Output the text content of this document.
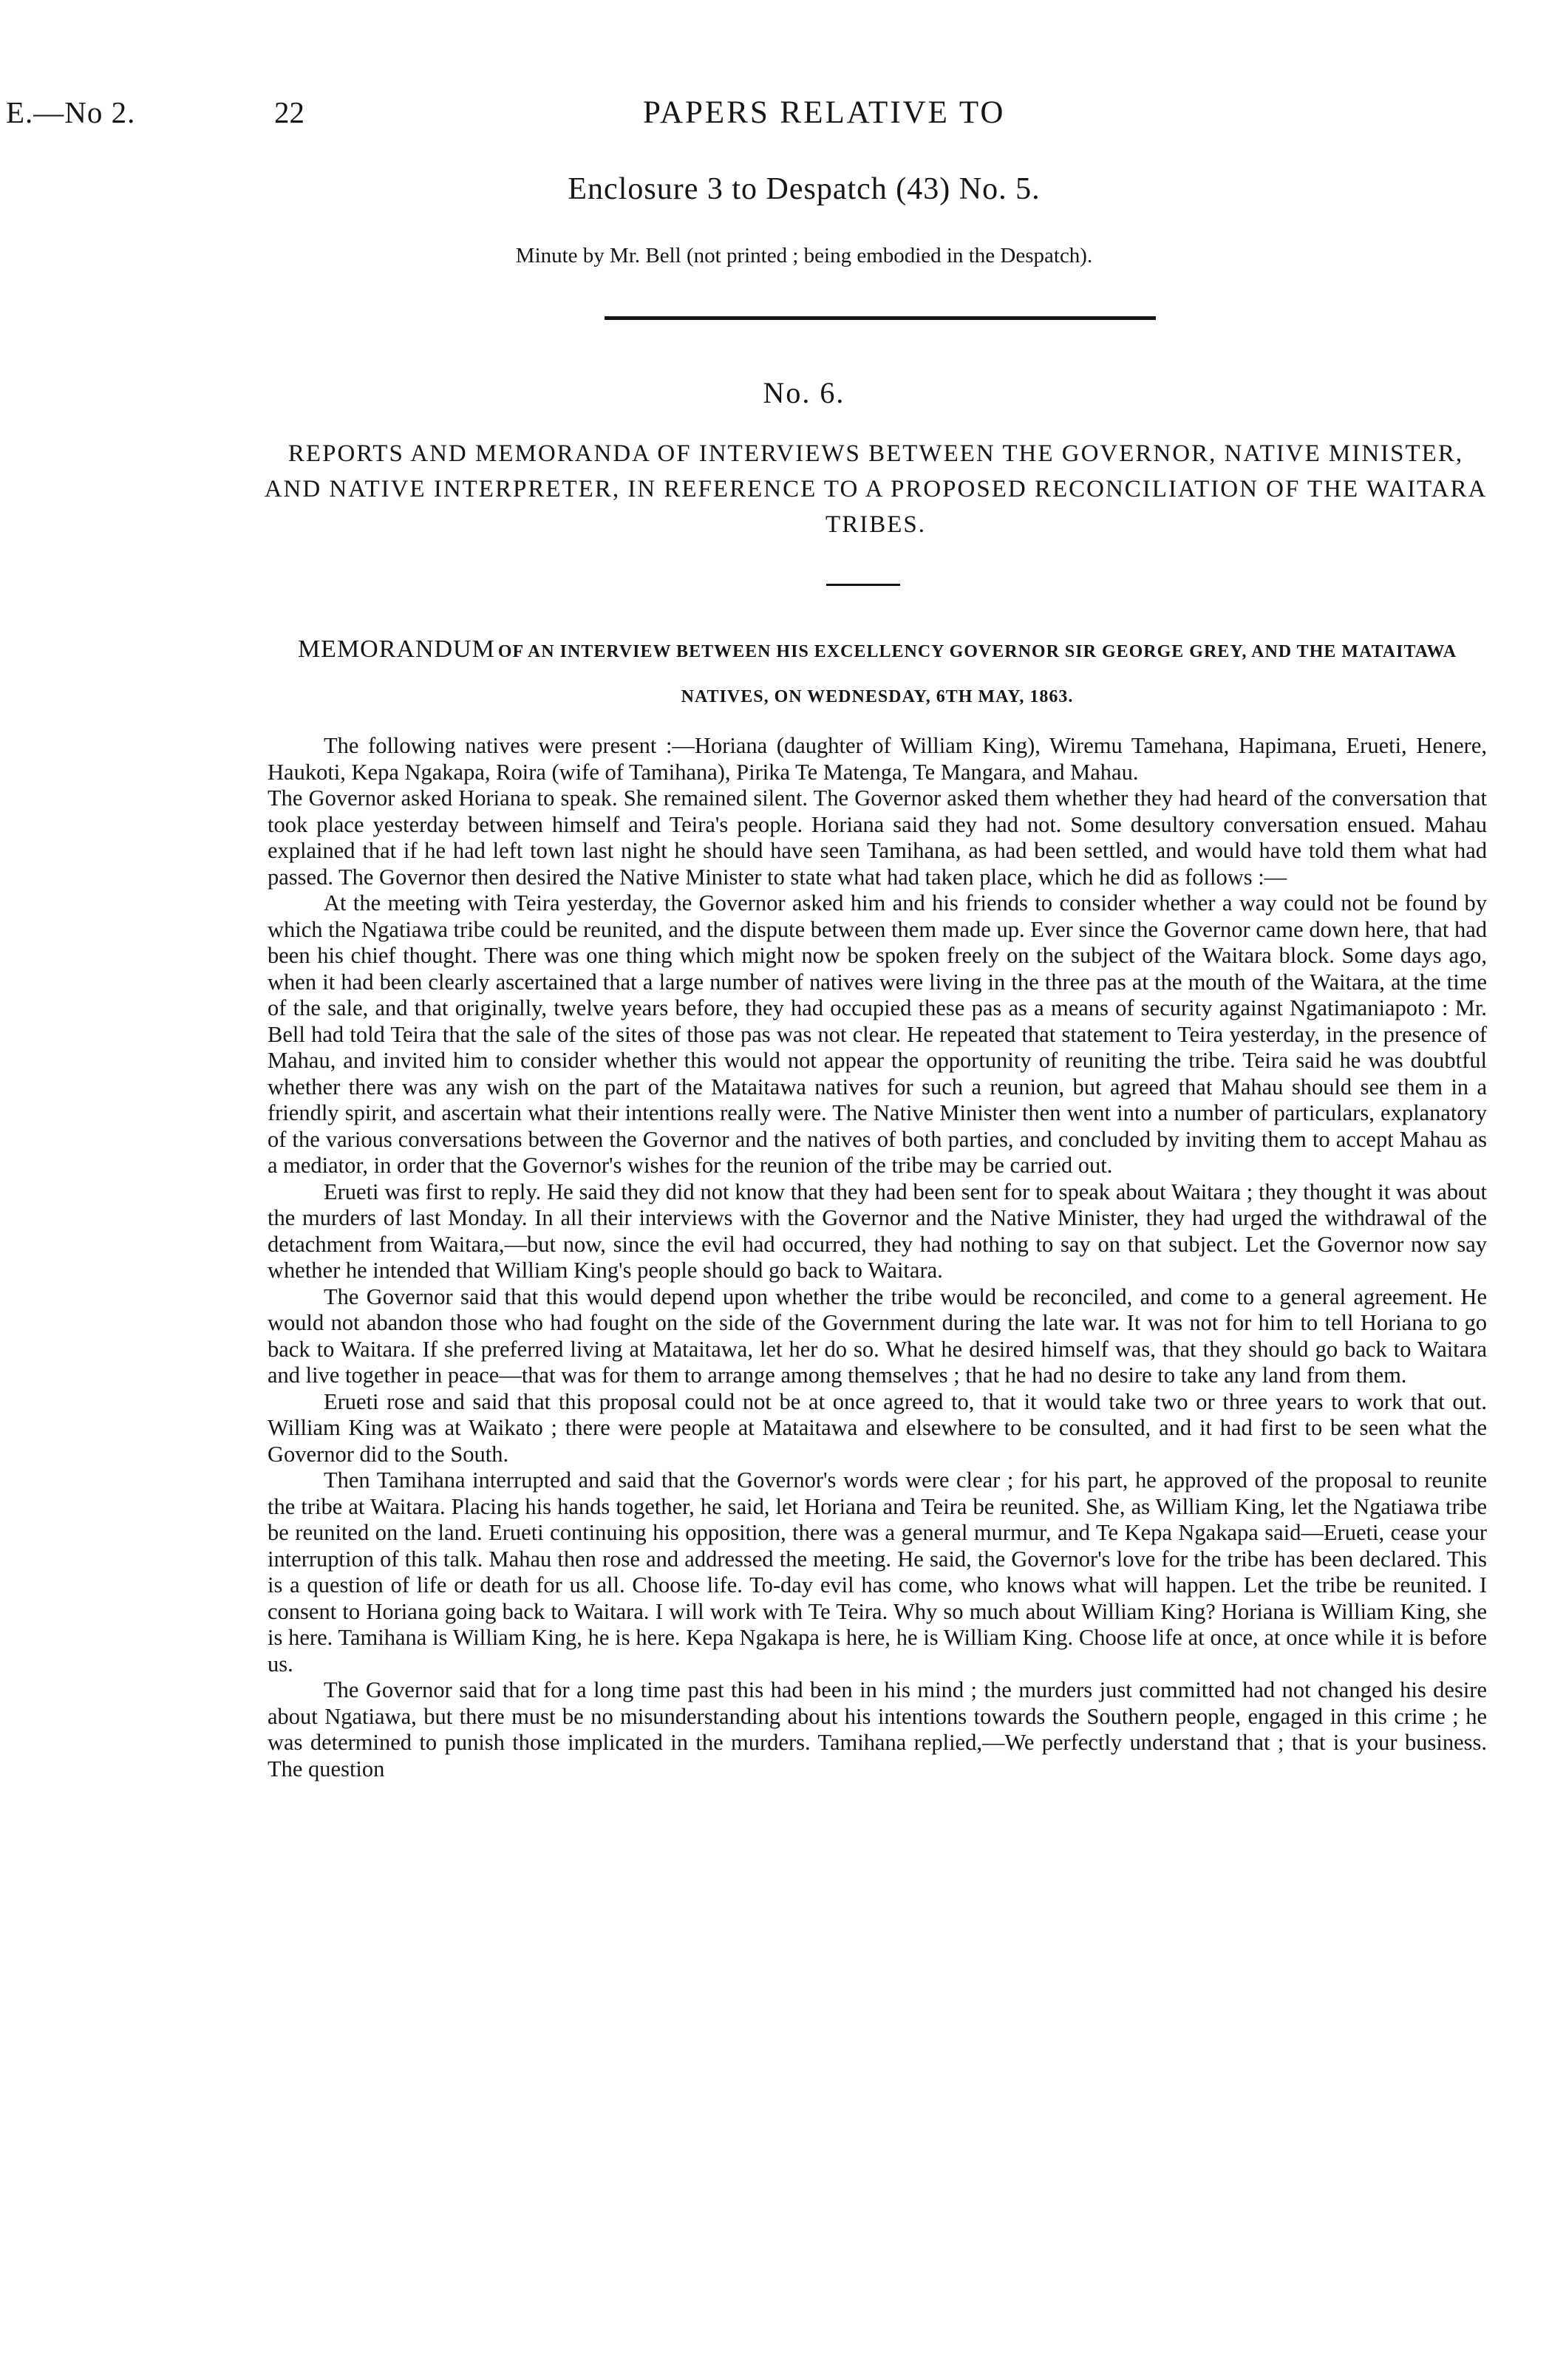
E.—No 2.	22	PAPERS RELATIVE TO
Enclosure 3 to Despatch (43) No. 5.
Minute by Mr. Bell (not printed ; being embodied in the Despatch).
No. 6.
REPORTS AND MEMORANDA OF INTERVIEWS BETWEEN THE GOVERNOR, NATIVE MINISTER, AND NATIVE INTERPRETER, IN REFERENCE TO A PROPOSED RECONCILIATION OF THE WAITARA TRIBES.
MEMORANDUM OF AN INTERVIEW BETWEEN HIS EXCELLENCY GOVERNOR SIR GEORGE GREY, AND THE MATAITAWA NATIVES, ON WEDNESDAY, 6TH MAY, 1863.

The following natives were present :—Horiana (daughter of William King), Wiremu Tamehana, Hapimana, Erueti, Henere, Haukoti, Kepa Ngakapa, Roira (wife of Tamihana), Pirika Te Matenga, Te Mangara, and Mahau.

The Governor asked Horiana to speak. She remained silent. The Governor asked them whether they had heard of the conversation that took place yesterday between himself and Teira's people. Horiana said they had not. Some desultory conversation ensued. Mahau explained that if he had left town last night he should have seen Tamihana, as had been settled, and would have told them what had passed. The Governor then desired the Native Minister to state what had taken place, which he did as follows :—

At the meeting with Teira yesterday, the Governor asked him and his friends to consider whether a way could not be found by which the Ngatiawa tribe could be reunited, and the dispute between them made up. Ever since the Governor came down here, that had been his chief thought. There was one thing which might now be spoken freely on the subject of the Waitara block. Some days ago, when it had been clearly ascertained that a large number of natives were living in the three pas at the mouth of the Waitara, at the time of the sale, and that originally, twelve years before, they had occupied these pas as a means of security against Ngatimaniapoto : Mr. Bell had told Teira that the sale of the sites of those pas was not clear. He repeated that statement to Teira yesterday, in the presence of Mahau, and invited him to consider whether this would not appear the opportunity of reuniting the tribe. Teira said he was doubtful whether there was any wish on the part of the Mataitawa natives for such a reunion, but agreed that Mahau should see them in a friendly spirit, and ascertain what their intentions really were. The Native Minister then went into a number of particulars, explanatory of the various conversations between the Governor and the natives of both parties, and concluded by inviting them to accept Mahau as a mediator, in order that the Governor's wishes for the reunion of the tribe may be carried out.

Erueti was first to reply. He said they did not know that they had been sent for to speak about Waitara ; they thought it was about the murders of last Monday. In all their interviews with the Governor and the Native Minister, they had urged the withdrawal of the detachment from Waitara,—but now, since the evil had occurred, they had nothing to say on that subject. Let the Governor now say whether he intended that William King's people should go back to Waitara.

The Governor said that this would depend upon whether the tribe would be reconciled, and come to a general agreement. He would not abandon those who had fought on the side of the Government during the late war. It was not for him to tell Horiana to go back to Waitara. If she preferred living at Mataitawa, let her do so. What he desired himself was, that they should go back to Waitara and live together in peace—that was for them to arrange among themselves ; that he had no desire to take any land from them.

Erueti rose and said that this proposal could not be at once agreed to, that it would take two or three years to work that out. William King was at Waikato ; there were people at Mataitawa and elsewhere to be consulted, and it had first to be seen what the Governor did to the South.

Then Tamihana interrupted and said that the Governor's words were clear ; for his part, he approved of the proposal to reunite the tribe at Waitara. Placing his hands together, he said, let Horiana and Teira be reunited. She, as William King, let the Ngatiawa tribe be reunited on the land. Erueti continuing his opposition, there was a general murmur, and Te Kepa Ngakapa said—Erueti, cease your interruption of this talk. Mahau then rose and addressed the meeting. He said, the Governor's love for the tribe has been declared. This is a question of life or death for us all. Choose life. To-day evil has come, who knows what will happen. Let the tribe be reunited. I consent to Horiana going back to Waitara. I will work with Te Teira. Why so much about William King? Horiana is William King, she is here. Tamihana is William King, he is here. Kepa Ngakapa is here, he is William King. Choose life at once, at once while it is before us.

The Governor said that for a long time past this had been in his mind ; the murders just committed had not changed his desire about Ngatiawa, but there must be no misunderstanding about his intentions towards the Southern people, engaged in this crime ; he was determined to punish those implicated in the murders. Tamihana replied,—We perfectly understand that ; that is your business. The question
